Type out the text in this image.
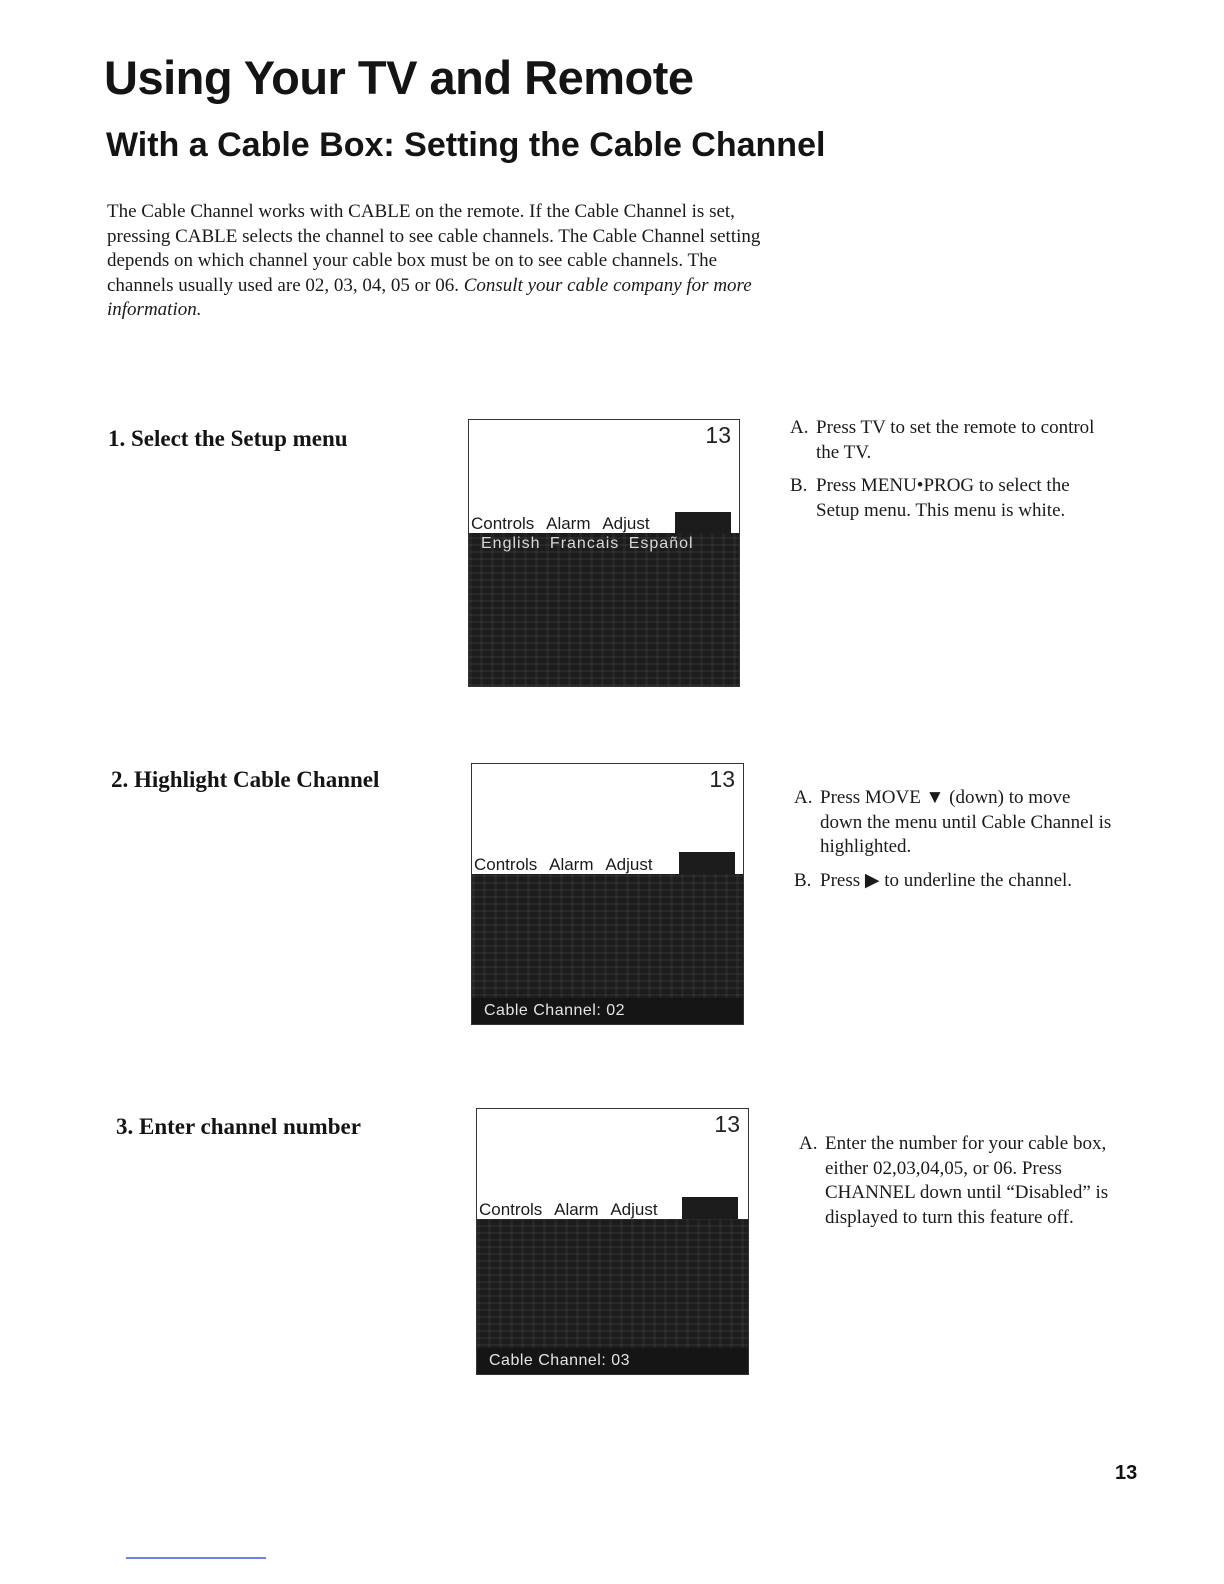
Using Your TV and Remote
With a Cable Box: Setting the Cable Channel

The Cable Channel works with CABLE on the remote. If the Cable Channel is set, pressing CABLE selects the channel to see cable channels. The Cable Channel setting depends on which channel your cable box must be on to see cable channels. The channels usually used are 02, 03, 04, 05 or 06. Consult your cable company for more information.

1. Select the Setup menu	13
Controls Alarm Adjust
English Francais Español
A. Press TV to set the remote to control the TV.
B. Press MENU•PROG to select the Setup menu. This menu is white.
2. Highlight Cable Channel	13
Controls Alarm Adjust
Cable Channel: 02
A. Press MOVE ▼ (down) to move down the menu until Cable Channel is highlighted.
B. Press ▶ to underline the channel.
3. Enter channel number	13
Controls Alarm Adjust
Cable Channel: 03
A. Enter the number for your cable box, either 02,03,04,05, or 06. Press CHANNEL down until “Disabled” is displayed to turn this feature off.

13
